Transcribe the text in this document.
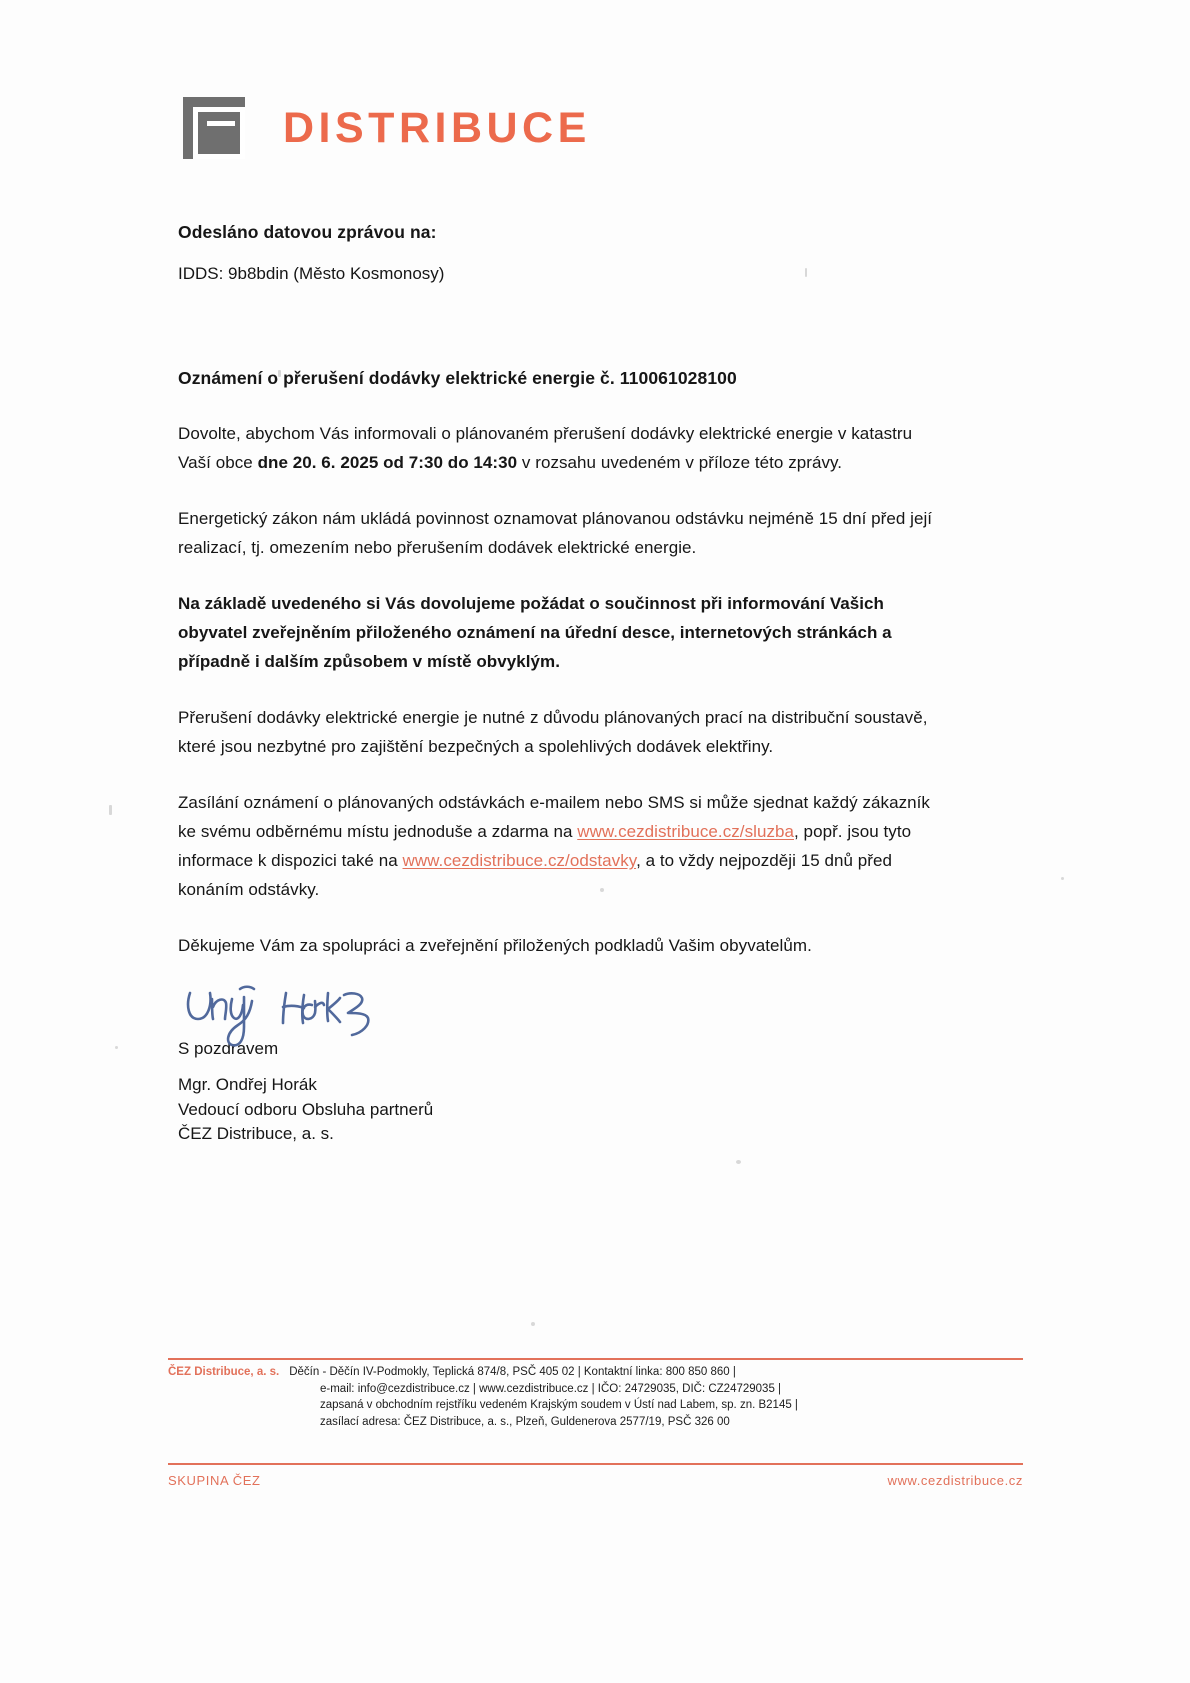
DISTRIBUCE
Odesláno datovou zprávou na:
IDDS: 9b8bdin (Město Kosmonosy)
Oznámení o přerušení dodávky elektrické energie č. 110061028100

Dovolte, abychom Vás informovali o plánovaném přerušení dodávky elektrické energie v katastru Vaší obce dne 20. 6. 2025 od 7:30 do 14:30 v rozsahu uvedeném v příloze této zprávy.

Energetický zákon nám ukládá povinnost oznamovat plánovanou odstávku nejméně 15 dní před její realizací, tj. omezením nebo přerušením dodávek elektrické energie.

Na základě uvedeného si Vás dovolujeme požádat o součinnost při informování Vašich obyvatel zveřejněním přiloženého oznámení na úřední desce, internetových stránkách a případně i dalším způsobem v místě obvyklým.

Přerušení dodávky elektrické energie je nutné z důvodu plánovaných prací na distribuční soustavě, které jsou nezbytné pro zajištění bezpečných a spolehlivých dodávek elektřiny.

Zasílání oznámení o plánovaných odstávkách e-mailem nebo SMS si může sjednat každý zákazník ke svému odběrnému místu jednoduše a zdarma na www.cezdistribuce.cz/sluzba, popř. jsou tyto informace k dispozici také na www.cezdistribuce.cz/odstavky, a to vždy nejpozději 15 dnů před konáním odstávky.

Děkujeme Vám za spolupráci a zveřejnění přiložených podkladů Vašim obyvatelům.

S pozdravem
Mgr. Ondřej Horák
Vedoucí odboru Obsluha partnerů
ČEZ Distribuce, a. s.
ČEZ Distribuce, a. s. Děčín - Děčín IV-Podmokly, Teplická 874/8, PSČ 405 02 | Kontaktní linka: 800 850 860 |
e-mail: info@cezdistribuce.cz | www.cezdistribuce.cz | IČO: 24729035, DIČ: CZ24729035 |
zapsaná v obchodním rejstříku vedeném Krajským soudem v Ústí nad Labem, sp. zn. B2145 |
zasílací adresa: ČEZ Distribuce, a. s., Plzeň, Guldenerova 2577/19, PSČ 326 00
SKUPINA ČEZ	www.cezdistribuce.cz
